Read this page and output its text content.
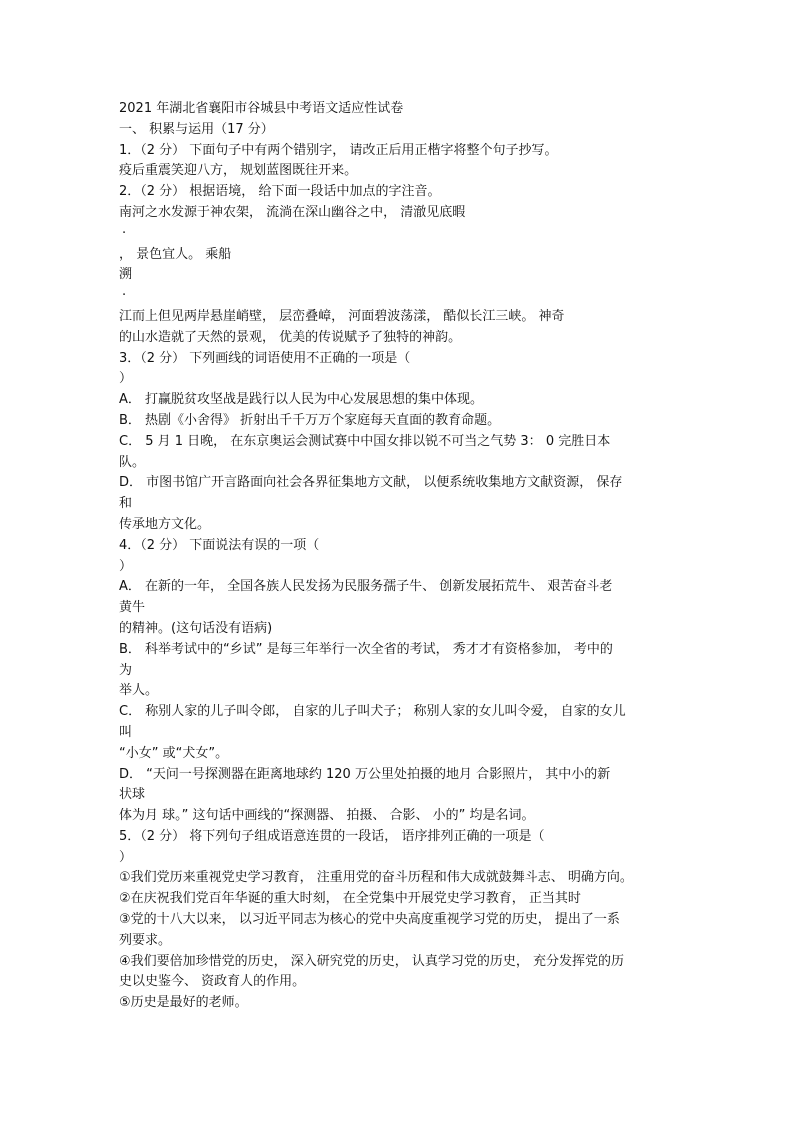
2021 年湖北省襄阳市谷城县中考语文适应性试卷
一、 积累与运用（17 分）
1．（2 分） 下面句子中有两个错别字， 请改正后用正楷字将整个句子抄写。
疫后重震笑迎八方， 规划蓝图既往开来。
2．（2 分） 根据语境， 给下面一段话中加点的字注音。
南河之水发源于神农架， 流淌在深山幽谷之中， 清澈见底暇
·
， 景色宜人。 乘船
溯
·
江而上但见两岸悬崖峭壁， 层峦叠嶂， 河面碧波荡漾， 酷似长江三峡。 神奇
的山水造就了天然的景观， 优美的传说赋予了独特的神韵。
3．（2 分） 下列画线的词语使用不正确的一项是（
）
A． 打赢脱贫攻坚战是践行以人民为中心发展思想的集中体现。
B． 热剧《小舍得》 折射出千千万万个家庭每天直面的教育命题。
C． 5 月 1 日晚， 在东京奥运会测试赛中中国女排以锐不可当之气势 3： 0 完胜日本
队。
D． 市图书馆广开言路面向社会各界征集地方文献， 以便系统收集地方文献资源， 保存
和
传承地方文化。
4．（2 分） 下面说法有误的一项（
）
A． 在新的一年， 全国各族人民发扬为民服务孺子牛、 创新发展拓荒牛、 艰苦奋斗老
黄牛
的精神。(这句话没有语病)
B． 科举考试中的“乡试” 是每三年举行一次全省的考试， 秀才才有资格参加， 考中的
为
举人。
C． 称别人家的儿子叫令郎， 自家的儿子叫犬子； 称别人家的女儿叫令爱， 自家的女儿
叫
“小女” 或“犬女”。
D． “天问一号探测器在距离地球约 120 万公里处拍摄的地月 合影照片， 其中小的新
状球
体为月 球。” 这句话中画线的“探测器、 拍摄、 合影、 小的” 均是名词。
5．（2 分） 将下列句子组成语意连贯的一段话， 语序排列正确的一项是（
）
①我们党历来重视党史学习教育， 注重用党的奋斗历程和伟大成就鼓舞斗志、 明确方向。
②在庆祝我们党百年华诞的重大时刻， 在全党集中开展党史学习教育， 正当其时
③党的十八大以来， 以习近平同志为核心的党中央高度重视学习党的历史， 提出了一系
列要求。
④我们要倍加珍惜党的历史， 深入研究党的历史， 认真学习党的历史， 充分发挥党的历
史以史鉴今、 资政育人的作用。
⑤历史是最好的老师。
